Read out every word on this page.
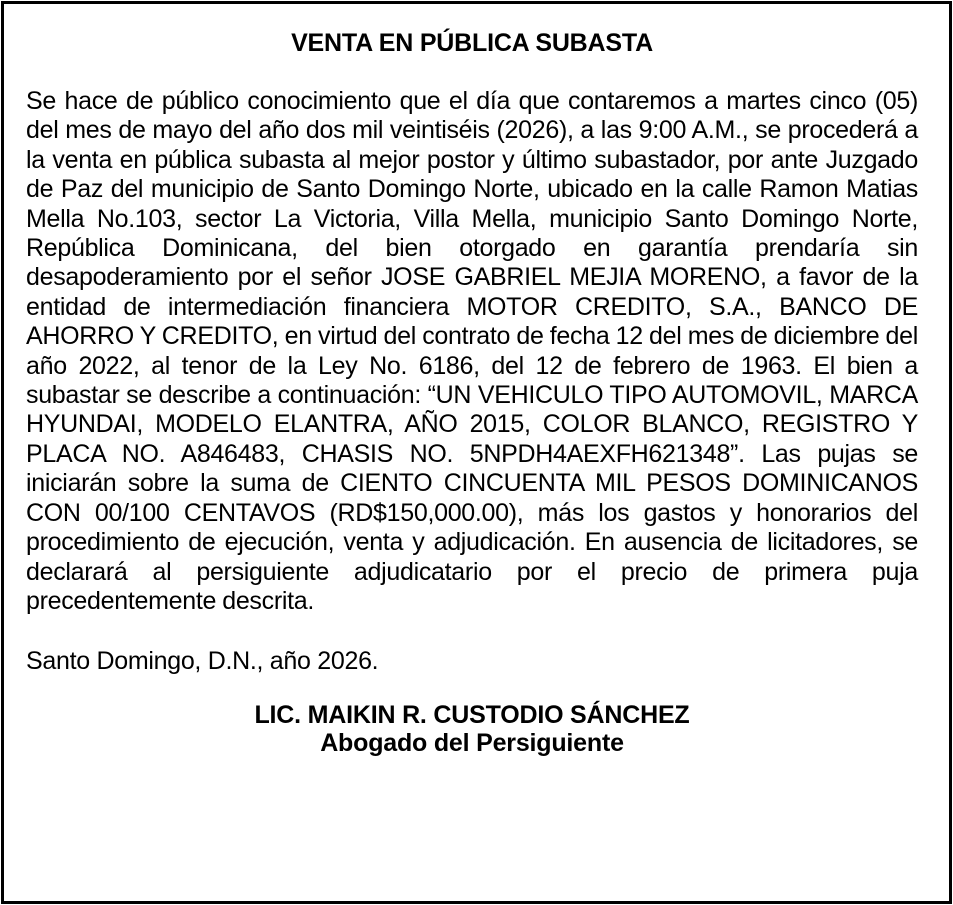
VENTA EN PÚBLICA SUBASTA

Se hace de público conocimiento que el día que contaremos a martes cinco (05) del mes de mayo del año dos mil veintiséis (2026), a las 9:00 A.M., se procederá a la venta en pública subasta al mejor postor y último subastador, por ante Juzgado de Paz del municipio de Santo Domingo Norte, ubicado en la calle Ramon Matias Mella No.103, sector La Victoria, Villa Mella, municipio Santo Domingo Norte, República Dominicana, del bien otorgado en garantía prendaría sin desapoderamiento por el señor JOSE GABRIEL MEJIA MORENO, a favor de la entidad de intermediación financiera MOTOR CREDITO, S.A., BANCO DE AHORRO Y CREDITO, en virtud del contrato de fecha 12 del mes de diciembre del año 2022, al tenor de la Ley No. 6186, del 12 de febrero de 1963. El bien a subastar se describe a continuación: “UN VEHICULO TIPO AUTOMOVIL, MARCA HYUNDAI, MODELO ELANTRA, AÑO 2015, COLOR BLANCO, REGISTRO Y PLACA NO. A846483, CHASIS NO. 5NPDH4AEXFH621348”. Las pujas se iniciarán sobre la suma de CIENTO CINCUENTA MIL PESOS DOMINICANOS CON 00/100 CENTAVOS (RD$150,000.00), más los gastos y honorarios del procedimiento de ejecución, venta y adjudicación. En ausencia de licitadores, se declarará al persiguiente adjudicatario por el precio de primera puja precedentemente descrita.

Santo Domingo, D.N., año 2026.

LIC. MAIKIN R. CUSTODIO SÁNCHEZ
Abogado del Persiguiente
